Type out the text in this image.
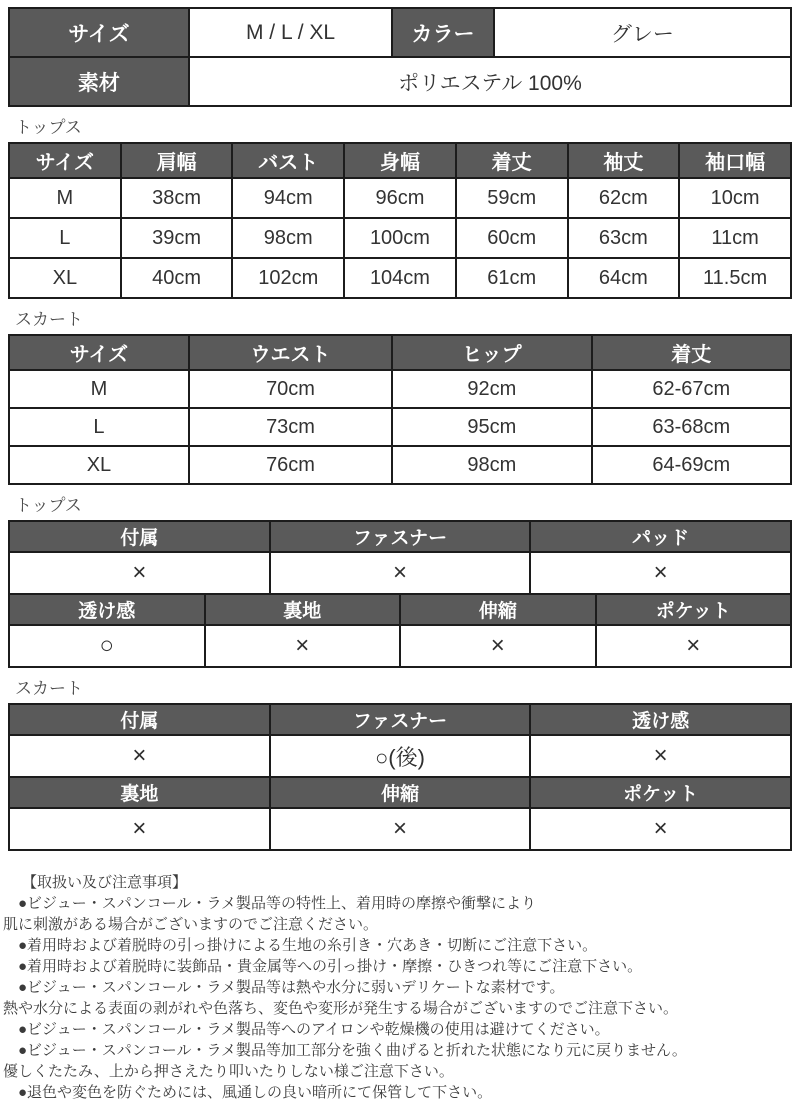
サイズ	M / L / XL	カラー	グレー
素材	ポリエステル 100%		
トップス
サイズ	肩幅	バスト	身幅	着丈	袖丈	袖口幅
M	38cm	94cm	96cm	59cm	62cm	10cm
L	39cm	98cm	100cm	60cm	63cm	11cm
XL	40cm	102cm	104cm	61cm	64cm	11.5cm
スカート
サイズ	ウエスト	ヒップ	着丈
M	70cm	92cm	62-67cm
L	73cm	95cm	63-68cm
XL	76cm	98cm	64-69cm
トップス
付属	ファスナー	パッド
×	×	×
透け感	裏地	伸縮	ポケット
○	×	×	×
スカート
付属	ファスナー	透け感
×	○(後)	×
裏地	伸縮	ポケット
×	×	×
【取扱い及び注意事項】
●ビジュー・スパンコール・ラメ製品等の特性上、着用時の摩擦や衝撃により
肌に刺激がある場合がございますのでご注意ください。
●着用時および着脱時の引っ掛けによる生地の糸引き・穴あき・切断にご注意下さい。
●着用時および着脱時に装飾品・貴金属等への引っ掛け・摩擦・ひきつれ等にご注意下さい。
●ビジュー・スパンコール・ラメ製品等は熱や水分に弱いデリケートな素材です。
熱や水分による表面の剥がれや色落ち、変色や変形が発生する場合がございますのでご注意下さい。
●ビジュー・スパンコール・ラメ製品等へのアイロンや乾燥機の使用は避けてください。
●ビジュー・スパンコール・ラメ製品等加工部分を強く曲げると折れた状態になり元に戻りません。
優しくたたみ、上から押さえたり叩いたりしない様ご注意下さい。
●退色や変色を防ぐためには、風通しの良い暗所にて保管して下さい。
